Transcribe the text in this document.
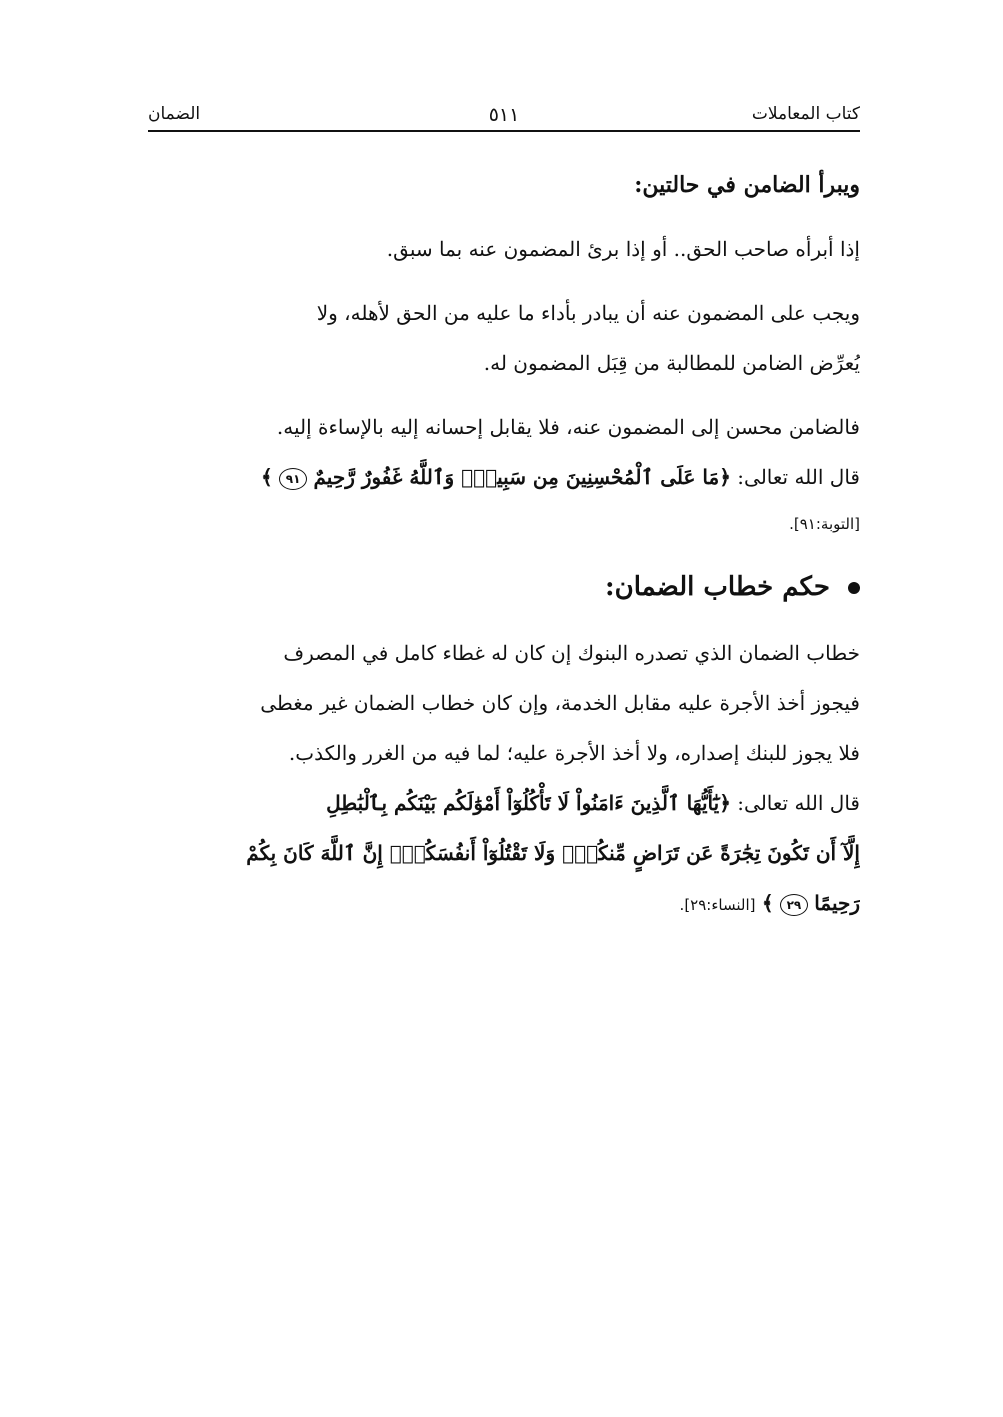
كتاب المعاملات
٥١١
الضمان
ويبرأ الضامن في حالتين:
إذا أبرأه صاحب الحق.. أو إذا برئ المضمون عنه بما سبق.
ويجب على المضمون عنه أن يبادر بأداء ما عليه من الحق لأهله، ولا
يُعرِّض الضامن للمطالبة من قِبَل المضمون له.
فالضامن محسن إلى المضمون عنه، فلا يقابل إحسانه إليه بالإساءة إليه.
قال الله تعالى: ﴿مَا عَلَى ٱلْمُحْسِنِينَ مِن سَبِيلٍۚ وَٱللَّهُ غَفُورٌ رَّحِيمٌ ٩١ ﴾
[التوبة:٩١].
حكم خطاب الضمان:
خطاب الضمان الذي تصدره البنوك إن كان له غطاء كامل في المصرف
فيجوز أخذ الأجرة عليه مقابل الخدمة، وإن كان خطاب الضمان غير مغطى
فلا يجوز للبنك إصداره، ولا أخذ الأجرة عليه؛ لما فيه من الغرر والكذب.
قال الله تعالى: ﴿يَٰٓأَيُّهَا ٱلَّذِينَ ءَامَنُواْ لَا تَأْكُلُوٓاْ أَمْوَٰلَكُم بَيْنَكُم بِٱلْبَٰطِلِ
إِلَّآ أَن تَكُونَ تِجَٰرَةً عَن تَرَاضٍ مِّنكُمْۚ وَلَا تَقْتُلُوٓاْ أَنفُسَكُمْۚ إِنَّ ٱللَّهَ كَانَ بِكُمْ
رَحِيمًا ٢٩ ﴾ [النساء:٢٩].
